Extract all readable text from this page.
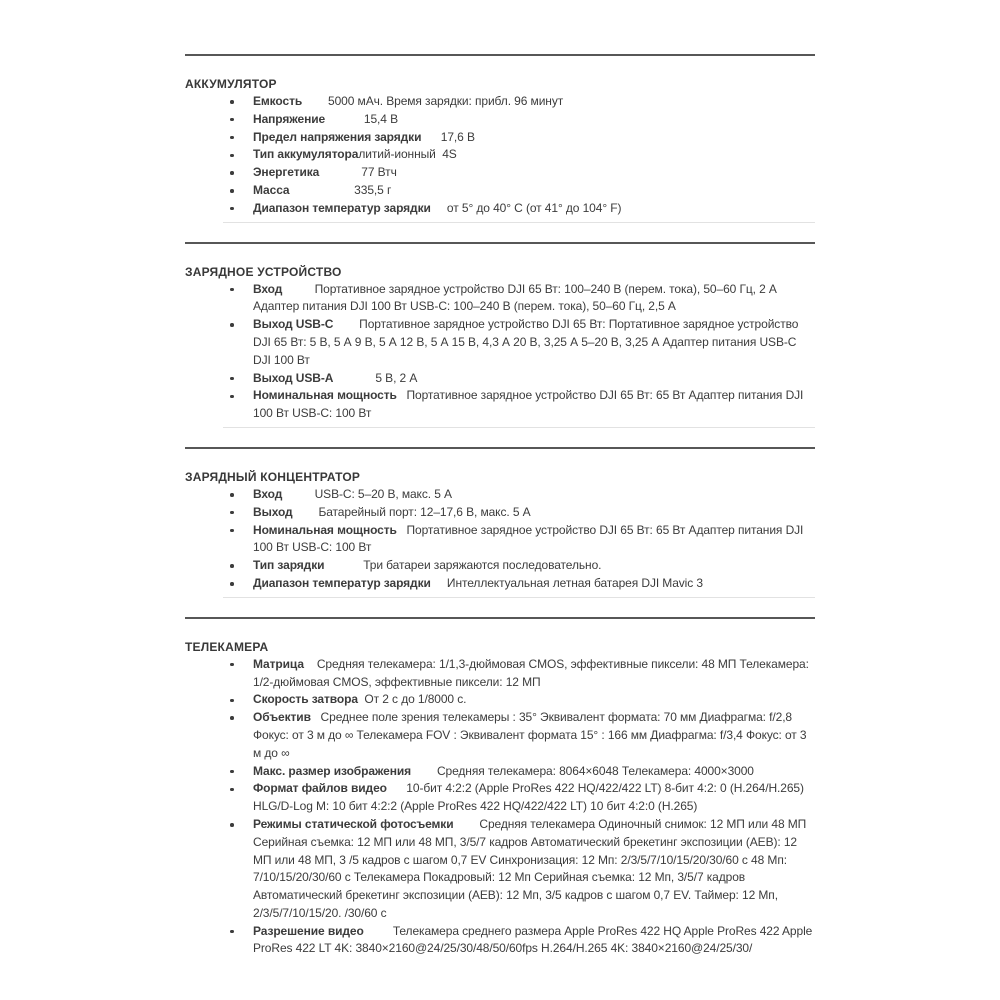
АККУМУЛЯТОР
Емкость        5000 мАч. Время зарядки: прибл. 96 минут
Напряжение            15,4 В
Предел напряжения зарядки      17,6 В
Тип аккумуляторалитий-ионный  4S
Энергетика             77 Втч
Масса                    335,5 г
Диапазон температур зарядки     от 5° до 40° C (от 41° до 104° F)
ЗАРЯДНОЕ УСТРОЙСТВО
Вход          Портативное зарядное устройство DJI 65 Вт: 100–240 В (перем. тока), 50–60 Гц, 2 А Адаптер питания DJI 100 Вт USB-C: 100–240 В (перем. тока), 50–60 Гц, 2,5 А
Выход USB-C        Портативное зарядное устройство DJI 65 Вт: Портативное зарядное устройство DJI 65 Вт: 5 В, 5 А 9 В, 5 А 12 В, 5 А 15 В, 4,3 А 20 В, 3,25 А 5–20 В, 3,25 А Адаптер питания USB-C DJI 100 Вт
Выход USB-A             5 В, 2 А
Номинальная мощность   Портативное зарядное устройство DJI 65 Вт: 65 Вт Адаптер питания DJI 100 Вт USB-C: 100 Вт
ЗАРЯДНЫЙ КОНЦЕНТРАТОР
Вход          USB-C: 5–20 В, макс. 5 А
Выход        Батарейный порт: 12–17,6 В, макс. 5 А
Номинальная мощность   Портативное зарядное устройство DJI 65 Вт: 65 Вт Адаптер питания DJI 100 Вт USB-C: 100 Вт
Тип зарядки            Три батареи заряжаются последовательно.
Диапазон температур зарядки     Интеллектуальная летная батарея DJI Mavic 3
ТЕЛЕКАМЕРА
Матрица    Средняя телекамера: 1/1,3-дюймовая CMOS, эффективные пиксели: 48 МП Телекамера: 1/2-дюймовая CMOS, эффективные пиксели: 12 МП
Скорость затвора  От 2 с до 1/8000 с.
Объектив   Среднее поле зрения телекамеры : 35° Эквивалент формата: 70 мм Диафрагма: f/2,8 Фокус: от 3 м до ∞ Телекамера FOV : Эквивалент формата 15° : 166 мм Диафрагма: f/3,4 Фокус: от 3 м до ∞
Макс. размер изображения        Средняя телекамера: 8064×6048 Телекамера: 4000×3000
Формат файлов видео      10-бит 4:2:2 (Apple ProRes 422 HQ/422/422 LT) 8-бит 4:2: 0 (H.264/H.265) HLG/D-Log M: 10 бит 4:2:2 (Apple ProRes 422 HQ/422/422 LT) 10 бит 4:2:0 (H.265)
Режимы статической фотосъемки        Средняя телекамера Одиночный снимок: 12 МП или 48 МП Серийная съемка: 12 МП или 48 МП, 3/5/7 кадров Автоматический брекетинг экспозиции (AEB): 12 МП или 48 МП, 3 /5 кадров с шагом 0,7 EV Синхронизация: 12 Мп: 2/3/5/7/10/15/20/30/60 с 48 Мп: 7/10/15/20/30/60 с Телекамера Покадровый: 12 Мп Серийная съемка: 12 Мп, 3/5/7 кадров Автоматический брекетинг экспозиции (AEB): 12 Мп, 3/5 кадров с шагом 0,7 EV. Таймер: 12 Мп, 2/3/5/7/10/15/20. /30/60 с
Разрешение видео         Телекамера среднего размера Apple ProRes 422 HQ Apple ProRes 422 Apple ProRes 422 LT 4K: 3840×2160@24/25/30/48/50/60fps H.264/H.265 4K: 3840×2160@24/25/30/
